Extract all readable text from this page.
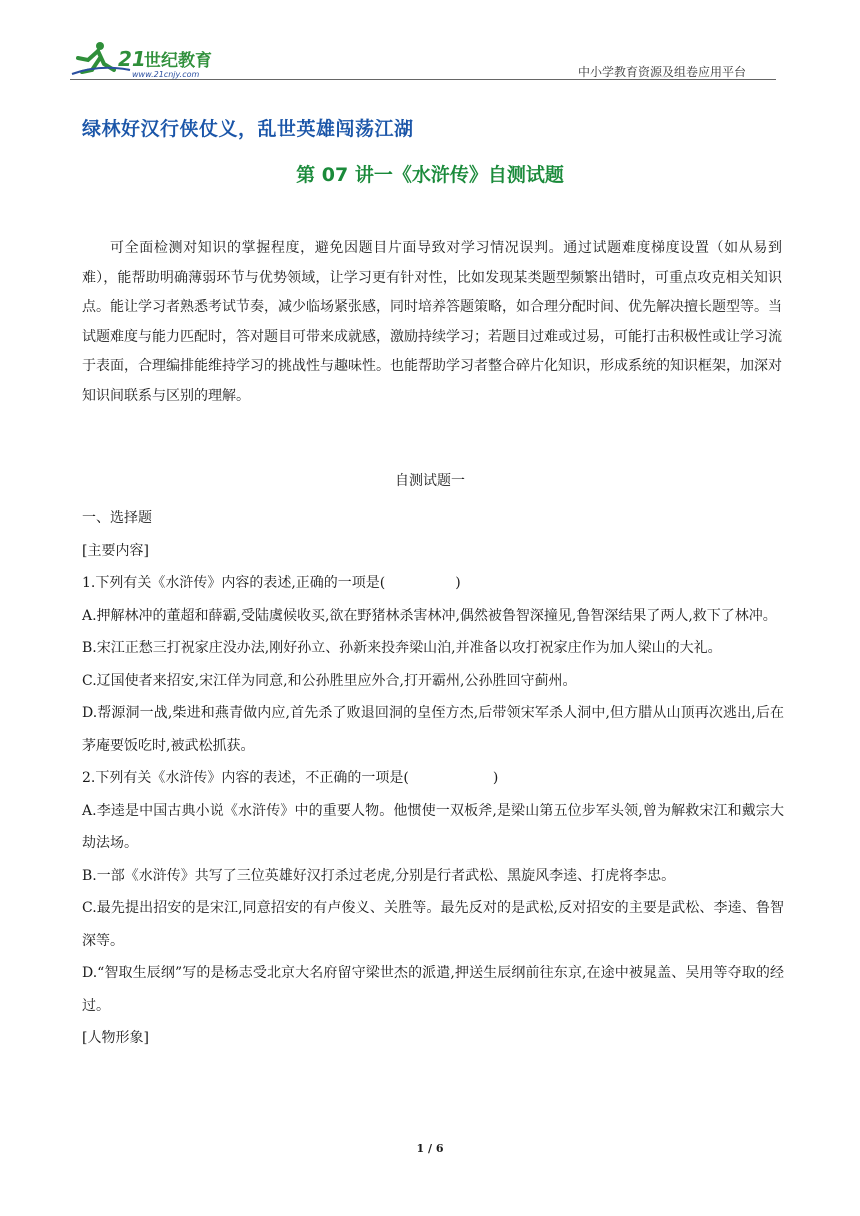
21
世纪教育
www.21cnjy.com	中小学教育资源及组卷应用平台
绿林好汉行侠仗义，乱世英雄闯荡江湖
第 07 讲一《水浒传》自测试题
可全面检测对知识的掌握程度，避免因题目片面导致对学习情况误判。通过试题难度梯度设置（如从易到难），能帮助明确薄弱环节与优势领域，让学习更有针对性，比如发现某类题型频繁出错时，可重点攻克相关知识点。能让学习者熟悉考试节奏，减少临场紧张感，同时培养答题策略，如合理分配时间、优先解决擅长题型等。当试题难度与能力匹配时，答对题目可带来成就感，激励持续学习；若题目过难或过易，可能打击积极性或让学习流于表面，合理编排能维持学习的挑战性与趣味性。也能帮助学习者整合碎片化知识，形成系统的知识框架，加深对知识间联系与区别的理解。
自测试题一

一、选择题

[主要内容]

1.下列有关《水浒传》内容的表述,正确的一项是(	)

A.押解林冲的董超和薛霸,受陆虞候收买,欲在野猪林杀害林冲,偶然被鲁智深撞见,鲁智深结果了两人,救下了林冲。

B.宋江正愁三打祝家庄没办法,刚好孙立、孙新来投奔梁山泊,并准备以攻打祝家庄作为加人梁山的大礼。

C.辽国使者来招安,宋江佯为同意,和公孙胜里应外合,打开霸州,公孙胜回守蓟州。

D.帮源洞一战,柴进和燕青做内应,首先杀了败退回洞的皇侄方杰,后带领宋军杀人洞中,但方腊从山顶再次逃出,后在茅庵要饭吃时,被武松抓获。

2.下列有关《水浒传》内容的表述，不正确的一项是(	)

A.李逵是中国古典小说《水浒传》中的重要人物。他惯使一双板斧,是梁山第五位步军头领,曾为解救宋江和戴宗大劫法场。

B.一部《水浒传》共写了三位英雄好汉打杀过老虎,分别是行者武松、黑旋风李逵、打虎将李忠。

C.最先提出招安的是宋江,同意招安的有卢俊义、关胜等。最先反对的是武松,反对招安的主要是武松、李逵、鲁智深等。

D.“智取生辰纲”写的是杨志受北京大名府留守梁世杰的派遣,押送生辰纲前往东京,在途中被晁盖、吴用等夺取的经过。

[人物形象]

1 / 6
